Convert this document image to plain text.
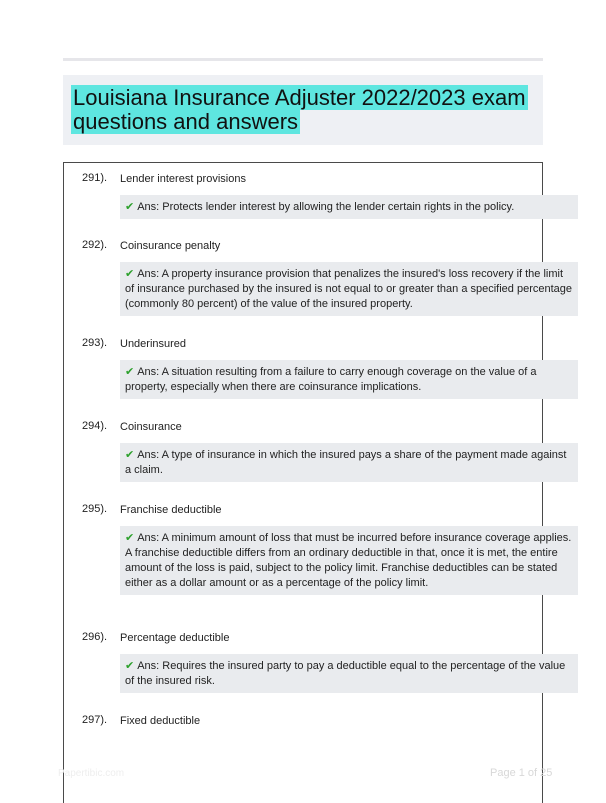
Louisiana Insurance Adjuster 2022/2023 exam questions and answers
291). Lender interest provisions
✔ Ans: Protects lender interest by allowing the lender certain rights in the policy.
292). Coinsurance penalty
✔ Ans: A property insurance provision that penalizes the insured's loss recovery if the limit of insurance purchased by the insured is not equal to or greater than a specified percentage (commonly 80 percent) of the value of the insured property.
293). Underinsured
✔ Ans: A situation resulting from a failure to carry enough coverage on the value of a property, especially when there are coinsurance implications.
294). Coinsurance
✔ Ans: A type of insurance in which the insured pays a share of the payment made against a claim.
295). Franchise deductible
✔ Ans: A minimum amount of loss that must be incurred before insurance coverage applies. A franchise deductible differs from an ordinary deductible in that, once it is met, the entire amount of the loss is paid, subject to the policy limit. Franchise deductibles can be stated either as a dollar amount or as a percentage of the policy limit.
296). Percentage deductible
✔ Ans: Requires the insured party to pay a deductible equal to the percentage of the value of the insured risk.
297). Fixed deductible
Papertibic.com	Page 1 of 25
